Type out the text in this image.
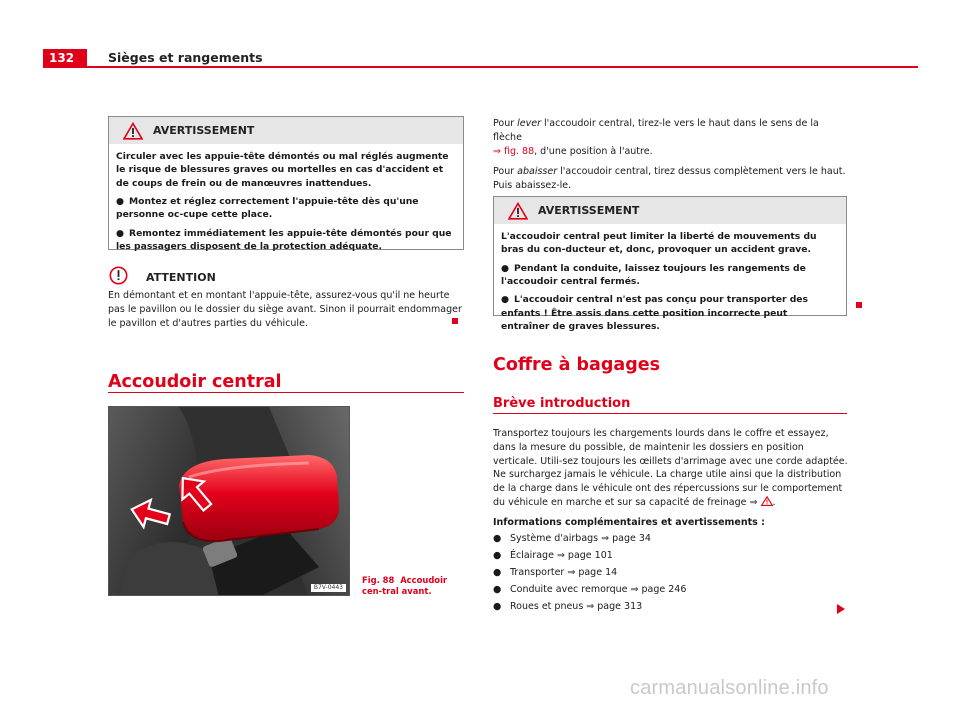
132	Sièges et rangements
AVERTISSEMENT

Circuler avec les appuie-tête démontés ou mal réglés augmente le risque de blessures graves ou mortelles en cas d'accident et de coups de frein ou de manœuvres inattendues.

● Montez et réglez correctement l'appuie-tête dès qu'une personne oc-cupe cette place.

● Remontez immédiatement les appuie-tête démontés pour que les passagers disposent de la protection adéquate.

ATTENTION
En démontant et en montant l'appuie-tête, assurez-vous qu'il ne heurte pas le pavillon ou le dossier du siège avant. Sinon il pourrait endommager le pavillon et d'autres parties du véhicule.
Accoudoir central
B7V-0443
Fig. 88 Accoudoir cen-tral avant.

Pour lever l'accoudoir central, tirez-le vers le haut dans le sens de la flèche
⇒ fig. 88, d'une position à l'autre.

Pour abaisser l'accoudoir central, tirez dessus complètement vers le haut. Puis abaissez-le.

AVERTISSEMENT

L'accoudoir central peut limiter la liberté de mouvements du bras du con-ducteur et, donc, provoquer un accident grave.

● Pendant la conduite, laissez toujours les rangements de l'accoudoir central fermés.

● L'accoudoir central n'est pas conçu pour transporter des enfants ! Être assis dans cette position incorrecte peut entraîner de graves blessures.

Coffre à bagages
Brève introduction

Transportez toujours les chargements lourds dans le coffre et essayez, dans la mesure du possible, de maintenir les dossiers en position verticale. Utili-sez toujours les œillets d'arrimage avec une corde adaptée. Ne surchargez jamais le véhicule. La charge utile ainsi que la distribution de la charge dans le véhicule ont des répercussions sur le comportement du véhicule en marche et sur sa capacité de freinage ⇒ .

Informations complémentaires et avertissements :

● Système d'airbags ⇒ page 34
● Éclairage ⇒ page 101
● Transporter ⇒ page 14
● Conduite avec remorque ⇒ page 246
● Roues et pneus ⇒ page 313
carmanualsonline.info
